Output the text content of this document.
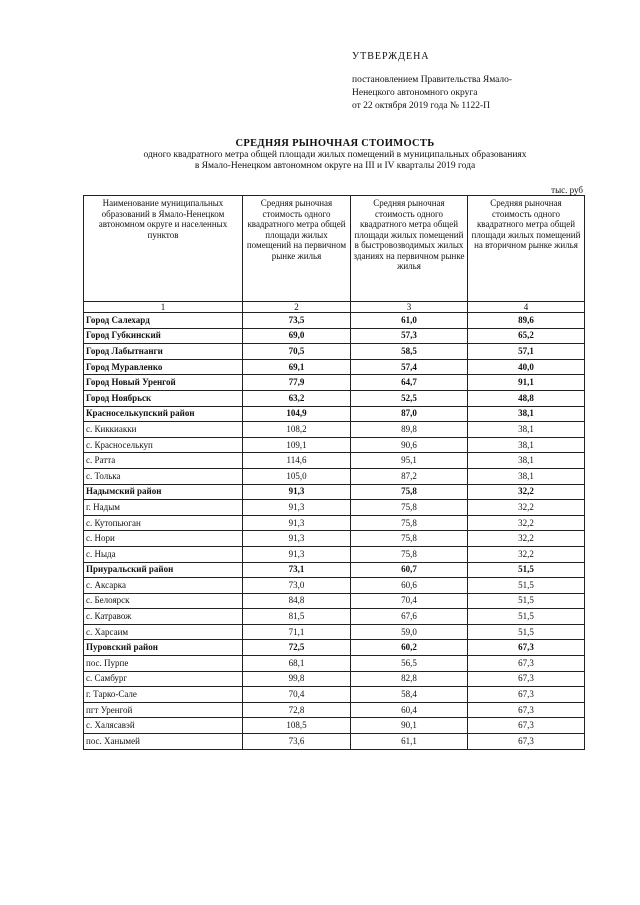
УТВЕРЖДЕНА
постановлением Правительства Ямало-
Ненецкого автономного округа
от 22 октября 2019 года № 1122-П
СРЕДНЯЯ РЫНОЧНАЯ СТОИМОСТЬ
одного квадратного метра общей площади жилых помещений в муниципальных образованиях
в Ямало-Ненецком автономном округе на III и IV кварталы 2019 года
тыс. руб
Наименование муниципальных образований в Ямало-Ненецком автономном округе и населенных пунктов	Средняя рыночная стоимость одного квадратного метра общей площади жилых помещений на первичном рынке жилья	Средняя рыночная стоимость одного квадратного метра общей площади жилых помещений в быстровозводимых жилых зданиях на первичном рынке жилья	Средняя рыночная стоимость одного квадратного метра общей площади жилых помещений на вторичном рынке жилья
1	2	3	4
Город Салехард	73,5	61,0	89,6
Город Губкинский	69,0	57,3	65,2
Город Лабытнанги	70,5	58,5	57,1
Город Муравленко	69,1	57,4	40,0
Город Новый Уренгой	77,9	64,7	91,1
Город Ноябрьск	63,2	52,5	48,8
Красноселькупский район	104,9	87,0	38,1
с. Киккиакки	108,2	89,8	38,1
с. Красноселькуп	109,1	90,6	38,1
с. Ратта	114,6	95,1	38,1
с. Толька	105,0	87,2	38,1
Надымский район	91,3	75,8	32,2
г. Надым	91,3	75,8	32,2
с. Кутопьюган	91,3	75,8	32,2
с. Нори	91,3	75,8	32,2
с. Ныда	91,3	75,8	32,2
Приуральский район	73,1	60,7	51,5
с. Аксарка	73,0	60,6	51,5
с. Белоярск	84,8	70,4	51,5
с. Катравож	81,5	67,6	51,5
с. Харсаим	71,1	59,0	51,5
Пуровский район	72,5	60,2	67,3
пос. Пурпе	68,1	56,5	67,3
с. Самбург	99,8	82,8	67,3
г. Тарко-Сале	70,4	58,4	67,3
пгт Уренгой	72,8	60,4	67,3
с. Халясавэй	108,5	90,1	67,3
пос. Ханымей	73,6	61,1	67,3
